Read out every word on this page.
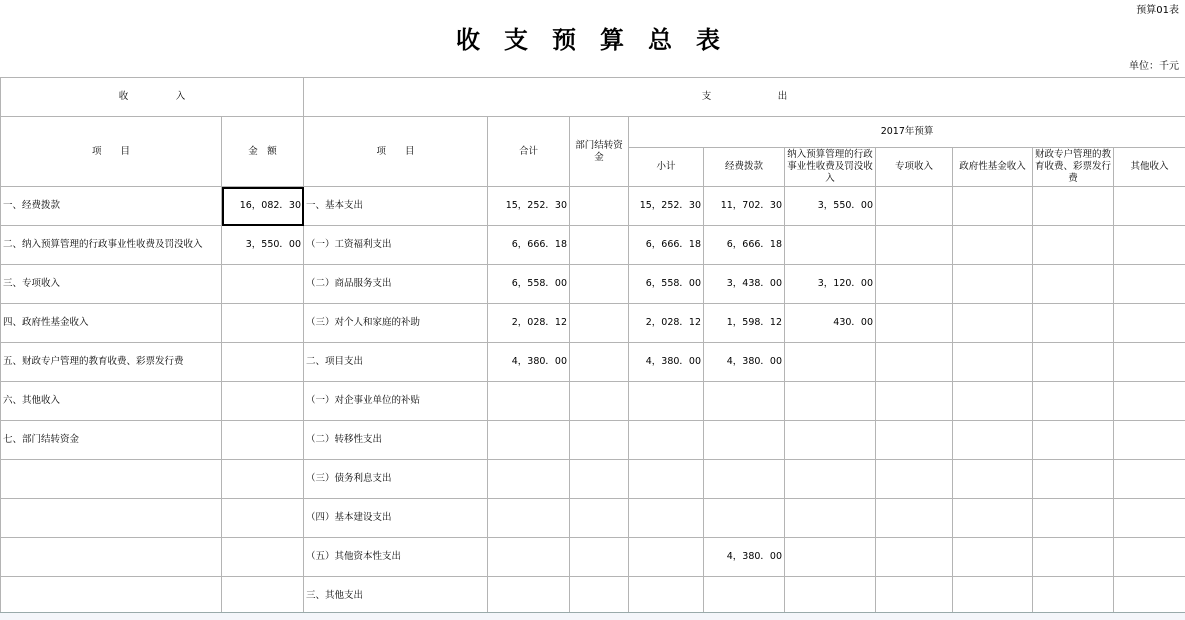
预算01表
收支预算总表
单位：千元
收　　　　　入		支　　　　　　　出									
项　　目	金　额	项　　目	合计	部门结转资金	2017年预算						
					小计	经费拨款	纳入预算管理的行政事业性收费及罚没收入	专项收入	政府性基金收入	财政专户管理的教育收费、彩票发行费	其他收入
一、经费拨款	16，082．30	一、基本支出	15，252．30		15，252．30	11，702．30	3，550．00				
二、纳入预算管理的行政事业性收费及罚没收入	3，550．00	（一）工资福利支出	6，666．18		6，666．18	6，666．18					
三、专项收入		（二）商品服务支出	6，558．00		6，558．00	3，438．00	3，120．00				
四、政府性基金收入		（三）对个人和家庭的补助	2，028．12		2，028．12	1，598．12	430．00				
五、财政专户管理的教育收费、彩票发行费		二、项目支出	4，380．00		4，380．00	4，380．00					
六、其他收入		（一）对企事业单位的补贴									
七、部门结转资金		（二）转移性支出									
		（三）债务利息支出									
		（四）基本建设支出									
		（五）其他资本性支出				4，380．00					
		三、其他支出									
